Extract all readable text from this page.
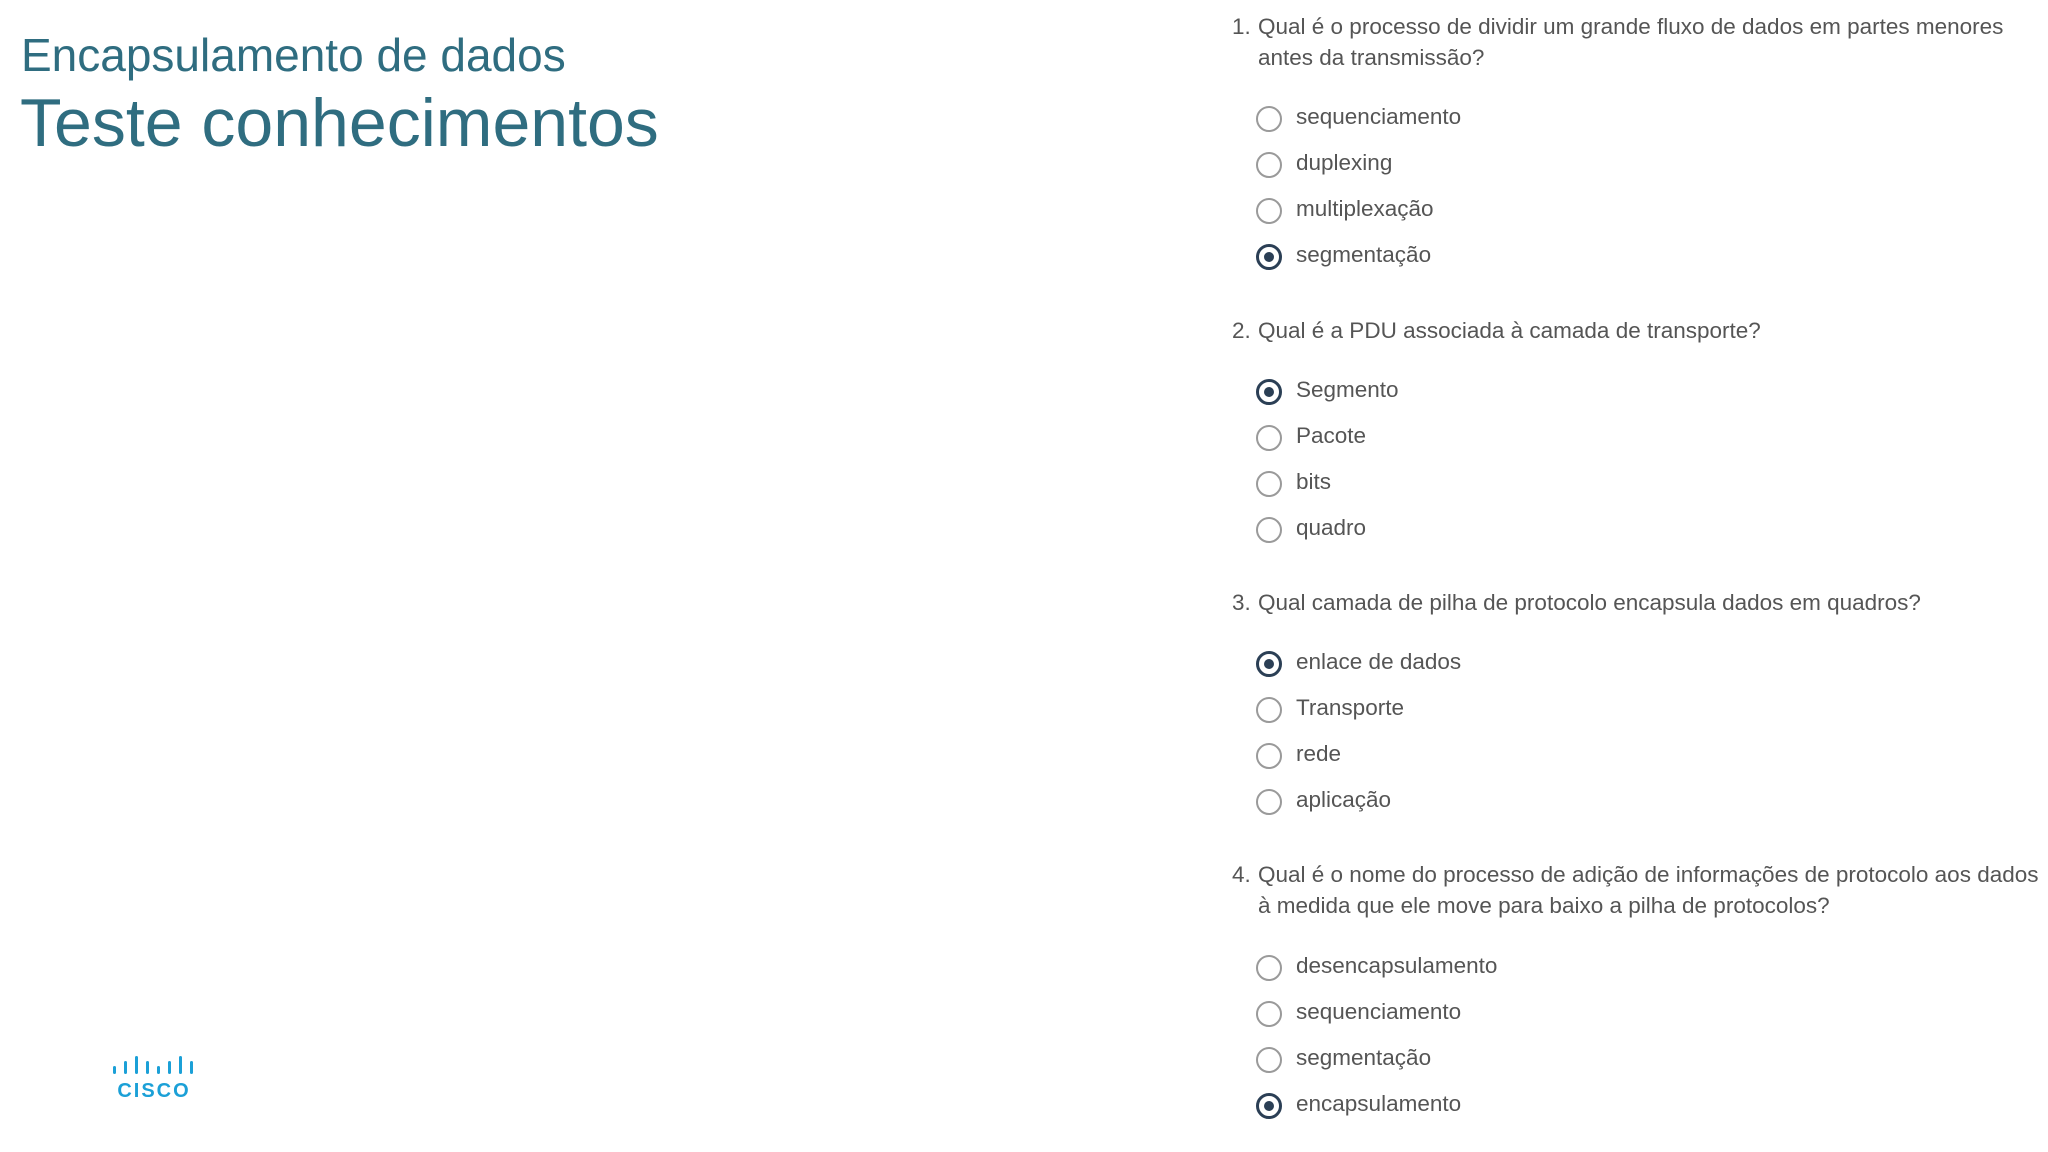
Encapsulamento de dados
Teste conhecimentos
CISCO
1. Qual é o processo de dividir um grande fluxo de dados em partes menores antes da transmissão?
sequenciamento
duplexing
multiplexação
segmentação
2. Qual é a PDU associada à camada de transporte?
Segmento
Pacote
bits
quadro
3. Qual camada de pilha de protocolo encapsula dados em quadros?
enlace de dados
Transporte
rede
aplicação
4. Qual é o nome do processo de adição de informações de protocolo aos dados à medida que ele move para baixo a pilha de protocolos?
desencapsulamento
sequenciamento
segmentação
encapsulamento
